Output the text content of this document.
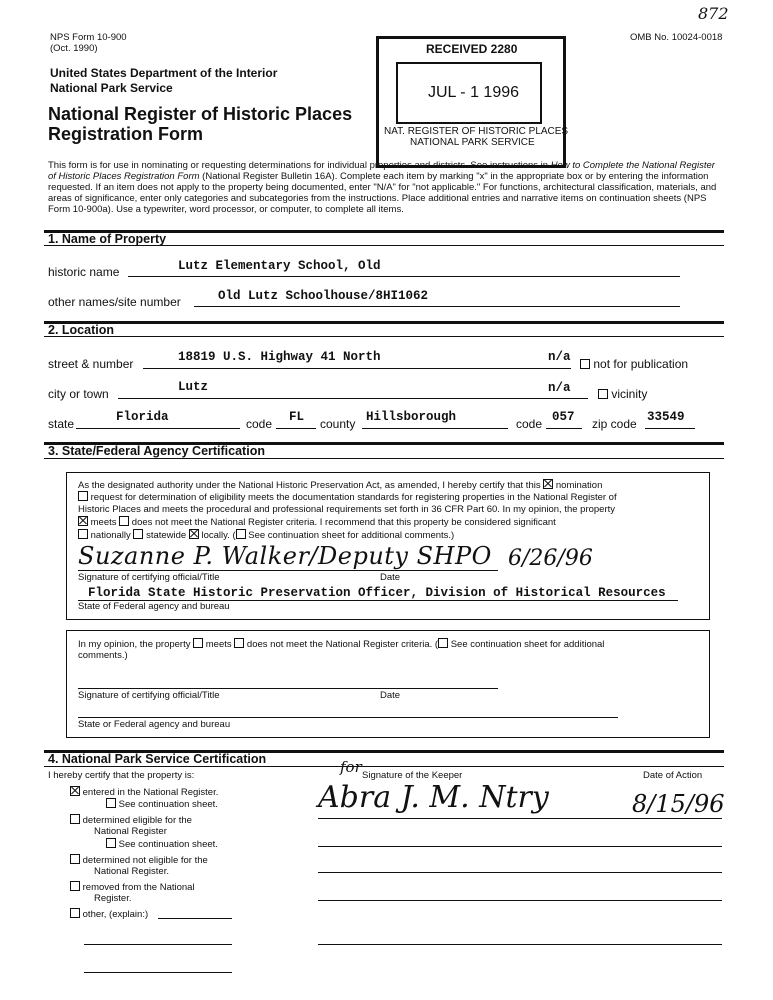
NPS Form 10-900
(Oct. 1990)
OMB No. 10024-0018
872
United States Department of the Interior
National Park Service
National Register of Historic Places
Registration Form
RECEIVED 2280
JUL - 1 1996
NAT. REGISTER OF HISTORIC PLACES
NATIONAL PARK SERVICE
This form is for use in nominating or requesting determinations for individual properties and districts. See instructions in How to Complete the National Register of Historic Places Registration Form (National Register Bulletin 16A). Complete each item by marking "x" in the appropriate box or by entering the information requested. If an item does not apply to the property being documented, enter "N/A" for "not applicable." For functions, architectural classification, materials, and areas of significance, enter only categories and subcategories from the instructions. Place additional entries and narrative items on continuation sheets (NPS Form 10-900a). Use a typewriter, word processor, or computer, to complete all items.
1. Name of Property
historic name	Lutz Elementary School, Old
other names/site number	Old Lutz Schoolhouse/8HI1062
2. Location
street & number	18819 U.S. Highway 41 North	n/a	not for publication
city or town	Lutz	n/a	vicinity
state	Florida	code FL county Hillsborough	code 057 zip code 33549
3. State/Federal Agency Certification
As the designated authority under the National Historic Preservation Act, as amended, I hereby certify that this nomination
request for determination of eligibility meets the documentation standards for registering properties in the National Register of
Historic Places and meets the procedural and professional requirements set forth in 36 CFR Part 60. In my opinion, the property
meets does not meet the National Register criteria. I recommend that this property be considered significant
nationally statewide locally. ( See continuation sheet for additional comments.)
Suzanne P. Walker/Deputy SHPO 6/26/96
Signature of certifying official/Title	Date
Florida State Historic Preservation Officer, Division of Historical Resources
State of Federal agency and bureau
In my opinion, the property meets does not meet the National Register criteria. ( See continuation sheet for additional
comments.)
Signature of certifying official/Title	Date
State or Federal agency and bureau
4. National Park Service Certification
I hereby certify that the property is:	for Signature of the Keeper	Date of Action
Abra J. M. Ntry	8/15/96
entered in the National Register.
See continuation sheet.
determined eligible for the
National Register
See continuation sheet.
determined not eligible for the
National Register.
removed from the National
Register.
other, (explain:)
